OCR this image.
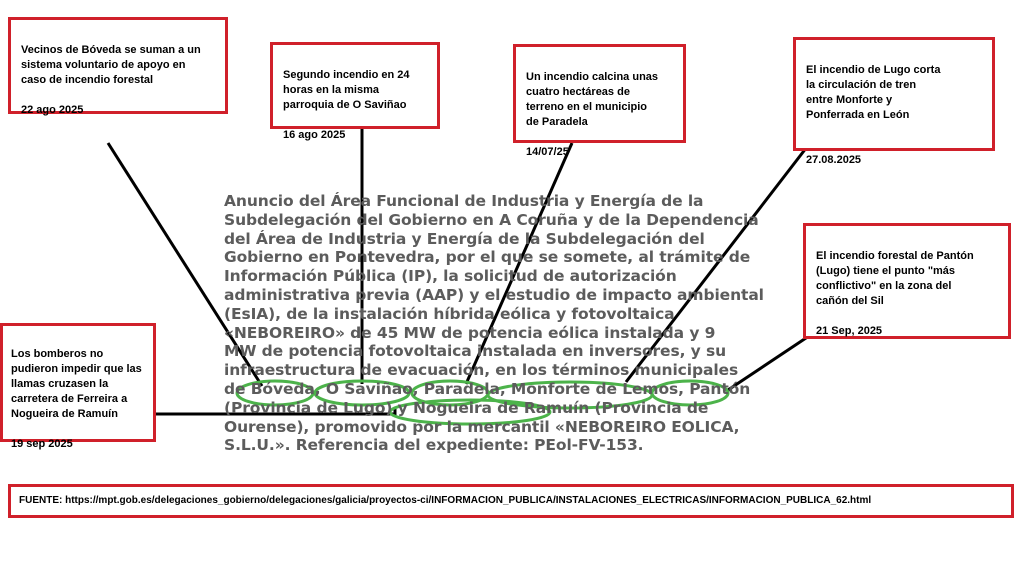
Anuncio del Área Funcional de Industria y Energía de la
Subdelegación del Gobierno en A Coruña y de la Dependencia
del Área de Industria y Energía de la Subdelegación del
Gobierno en Pontevedra, por el que se somete, al trámite de
Información Pública (IP), la solicitud de autorización
administrativa previa (AAP) y el estudio de impacto ambiental
(EsIA), de la instalación híbrida eólica y fotovoltaica
«NEBOREIRO» de 45 MW de potencia eólica instalada y 9
MW de potencia fotovoltaica instalada en inversores, y su
infraestructura de evacuación, en los términos municipales
de Bóveda, O Saviñao, Paradela, Monforte de Lemos, Pantón
(Provincia de Lugo) y Nogueira de Ramuín (Provincia de
Ourense), promovido por la mercantil «NEBOREIRO EOLICA,
S.L.U.». Referencia del expediente: PEol-FV-153.

Vecinos de Bóveda se suman a un
sistema voluntario de apoyo en
caso de incendio forestal

22 ago 2025

Segundo incendio en 24
horas en la misma
parroquia de O Saviñao

16 ago 2025

Un incendio calcina unas
cuatro hectáreas de
terreno en el municipio
de Paradela

14/07/25

El incendio de Lugo corta
la circulación de tren
entre Monforte y
Ponferrada en León

27.08.2025

El incendio forestal de Pantón
(Lugo) tiene el punto "más
conflictivo" en la zona del
cañón del Sil

21 Sep, 2025

Los bomberos no
pudieron impedir que las
llamas cruzasen la
carretera de Ferreira a
Nogueira de Ramuín

19 sep 2025

FUENTE: https://mpt.gob.es/delegaciones_gobierno/delegaciones/galicia/proyectos-ci/INFORMACION_PUBLICA/INSTALACIONES_ELECTRICAS/INFORMACION_PUBLICA_62.html
